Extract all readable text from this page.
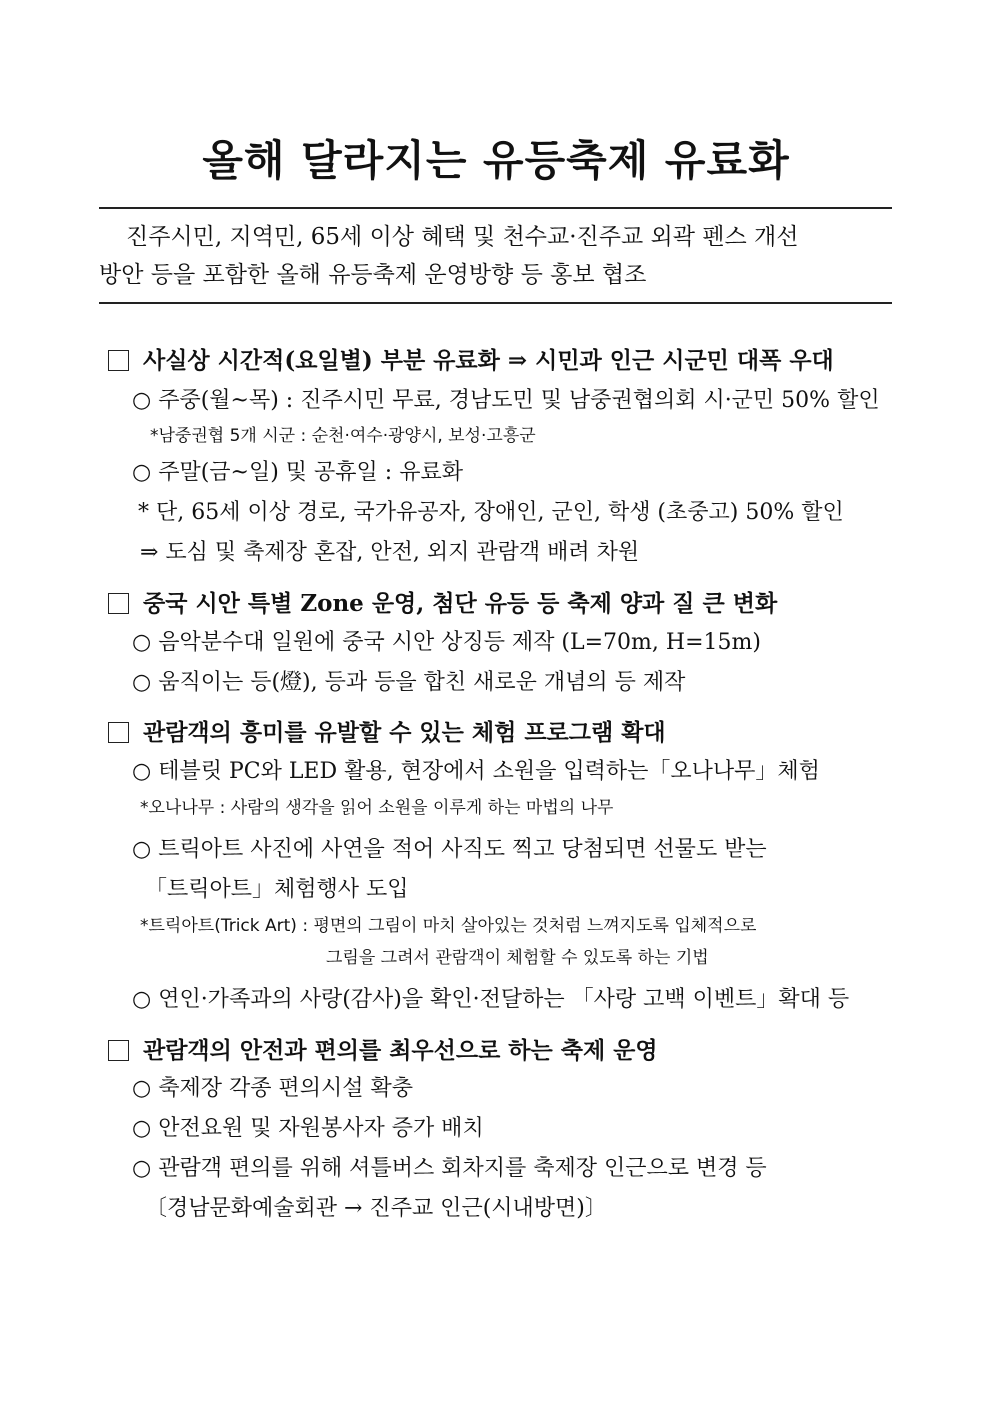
올해 달라지는 유등축제 유료화
진주시민, 지역민, 65세 이상 혜택 및 천수교·진주교 외곽 펜스 개선
방안 등을 포함한 올해 유등축제 운영방향 등 홍보 협조
사실상 시간적(요일별) 부분 유료화 ⇒ 시민과 인근 시군민 대폭 우대
○ 주중(월~목) : 진주시민 무료, 경남도민 및 남중권협의회 시·군민 50% 할인
*남중권협 5개 시군 : 순천·여수·광양시, 보성·고흥군
○ 주말(금~일) 및 공휴일 : 유료화
* 단, 65세 이상 경로, 국가유공자, 장애인, 군인, 학생 (초중고) 50% 할인
⇒ 도심 및 축제장 혼잡, 안전, 외지 관람객 배려 차원
중국 시안 특별 Zone 운영, 첨단 유등 등 축제 양과 질 큰 변화
○ 음악분수대 일원에 중국 시안 상징등 제작 (L=70m, H=15m)
○ 움직이는 등(燈), 등과 등을 합친 새로운 개념의 등 제작
관람객의 흥미를 유발할 수 있는 체험 프로그램 확대
○ 테블릿 PC와 LED 활용, 현장에서 소원을 입력하는「오나나무」체험
*오나나무 : 사람의 생각을 읽어 소원을 이루게 하는 마법의 나무
○ 트릭아트 사진에 사연을 적어 사직도 찍고 당첨되면 선물도 받는
「트릭아트」체험행사 도입
*트릭아트(Trick Art) : 평면의 그림이 마치 살아있는 것처럼 느껴지도록 입체적으로
그림을 그려서 관람객이 체험할 수 있도록 하는 기법
○ 연인·가족과의 사랑(감사)을 확인·전달하는 「사랑 고백 이벤트」확대 등
관람객의 안전과 편의를 최우선으로 하는 축제 운영
○ 축제장 각종 편의시설 확충
○ 안전요원 및 자원봉사자 증가 배치
○ 관람객 편의를 위해 셔틀버스 회차지를 축제장 인근으로 변경 등
〔경남문화예술회관 → 진주교 인근(시내방면)〕
